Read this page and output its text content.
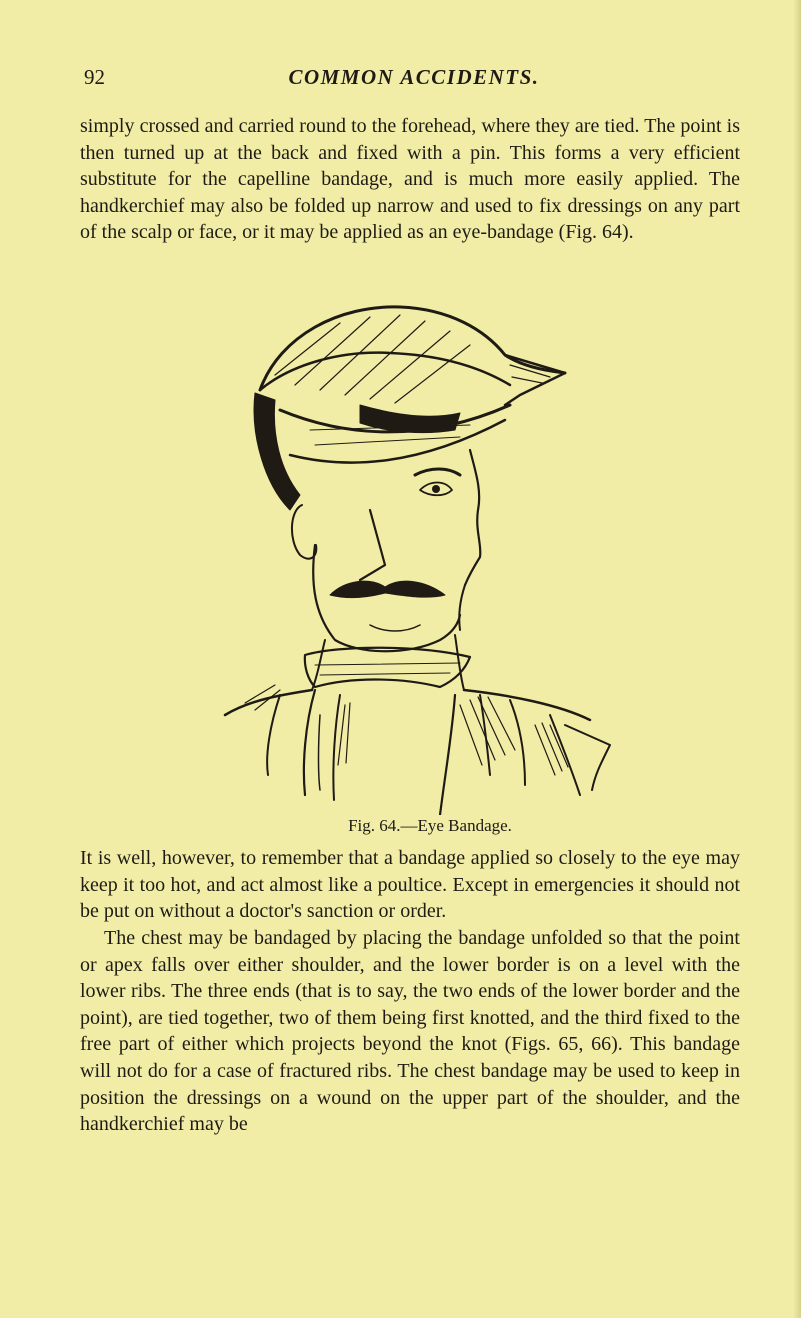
92	COMMON ACCIDENTS.

simply crossed and carried round to the forehead, where they are tied. The point is then turned up at the back and fixed with a pin. This forms a very efficient substitute for the capelline bandage, and is much more easily applied. The handkerchief may also be folded up narrow and used to fix dressings on any part of the scalp or face, or it may be applied as an eye-bandage (Fig. 64).

Fig. 64.—Eye Bandage.

It is well, however, to remember that a bandage applied so closely to the eye may keep it too hot, and act almost like a poultice. Except in emergencies it should not be put on without a doctor's sanction or order.

The chest may be bandaged by placing the bandage unfolded so that the point or apex falls over either shoulder, and the lower border is on a level with the lower ribs. The three ends (that is to say, the two ends of the lower border and the point), are tied together, two of them being first knotted, and the third fixed to the free part of either which projects beyond the knot (Figs. 65, 66). This bandage will not do for a case of fractured ribs. The chest bandage may be used to keep in position the dressings on a wound on the upper part of the shoulder, and the handkerchief may be
